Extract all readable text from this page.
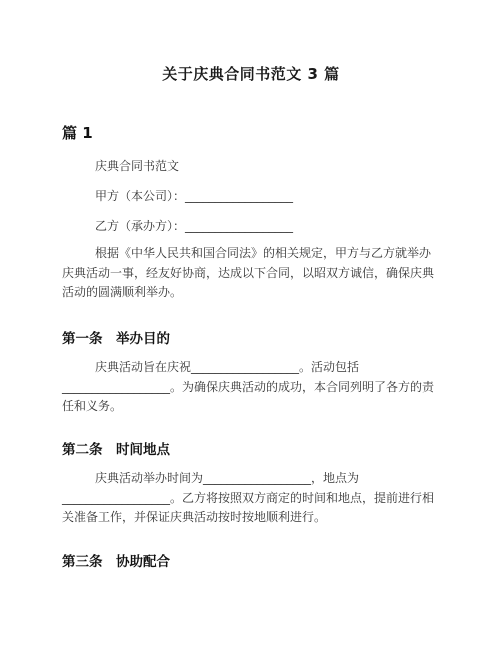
关于庆典合同书范文 3 篇
篇 1
庆典合同书范文
甲方（本公司）：__________________
乙方（承办方）：__________________

根据《中华人民共和国合同法》的相关规定，甲方与乙方就举办庆典活动一事，经友好协商，达成以下合同，以昭双方诚信，确保庆典活动的圆满顺利举办。

第一条　举办目的

庆典活动旨在庆祝__________________。活动包括__________________。为确保庆典活动的成功，本合同列明了各方的责任和义务。

第二条　时间地点

庆典活动举办时间为__________________，地点为__________________。乙方将按照双方商定的时间和地点，提前进行相关准备工作，并保证庆典活动按时按地顺利进行。

第三条　协助配合
